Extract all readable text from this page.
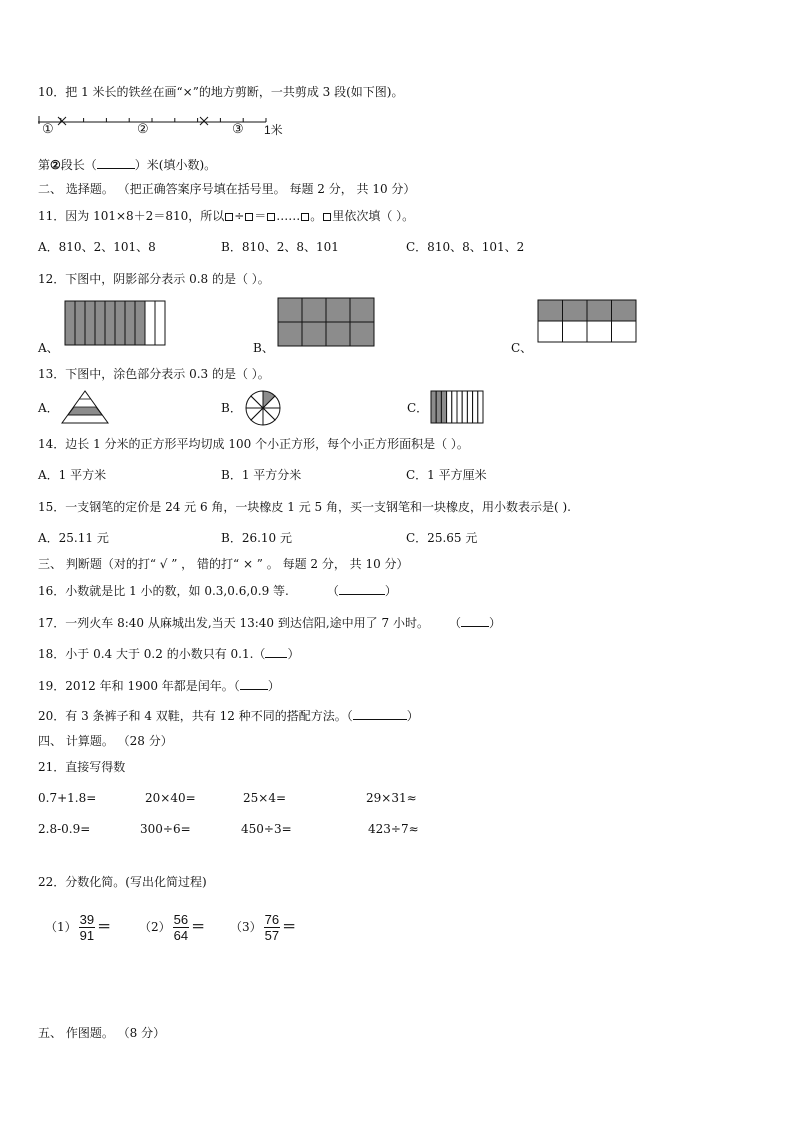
10．把 1 米长的铁丝在画“×”的地方剪断，一共剪成 3 段(如下图)。
①	②	③ 1米
第②段长（	）米(填小数)。
二、 选择题。 （把正确答案序号填在括号里。 每题 2 分， 共 10 分）
11．因为 101×8＋2＝810，所以 ÷ ＝ …… 。 里依次填（ ）。
A．810、2、101、8	B．810、2、8、101	C．810、8、101、2
12．下图中，阴影部分表示 0.8 的是（ ）。
A、	B、	C、
13．下图中，涂色部分表示 0.3 的是（ ）。
A．	B．	C．
14．边长 1 分米的正方形平均切成 100 个小正方形，每个小正方形面积是（ ）。
A．1 平方米	B．1 平方分米	C．1 平方厘米
15．一支钢笔的定价是 24 元 6 角，一块橡皮 1 元 5 角，买一支钢笔和一块橡皮，用小数表示是( ).
A．25.11 元	B．26.10 元	C．25.65 元
三、 判断题（对的打“ √ ” ， 错的打“ × ” 。 每题 2 分， 共 10 分）
16．小数就是比 1 小的数，如 0.3,0.6,0.9 等.	（	）
17．一列火车 8:40 从麻城出发,当天 13:40 到达信阳,途中用了 7 小时。 （ ）
18．小于 0.4 大于 0.2 的小数只有 0.1.（ ）
19．2012 年和 1900 年都是闰年。（ ）
20．有 3 条裤子和 4 双鞋，共有 12 种不同的搭配方法。（	）
四、 计算题。 （28 分）
21．直接写得数
0.7+1.8=	20×40=	25×4=	29×31≈
2.8-0.9=	300÷6=	450÷3=	423÷7≈
22．分数化简。(写出化简过程)
$(1) \frac{39}{91} = (2) \frac{56}{64} = (3) \frac{76}{57}$ ＝
五、 作图题。 （8 分）
